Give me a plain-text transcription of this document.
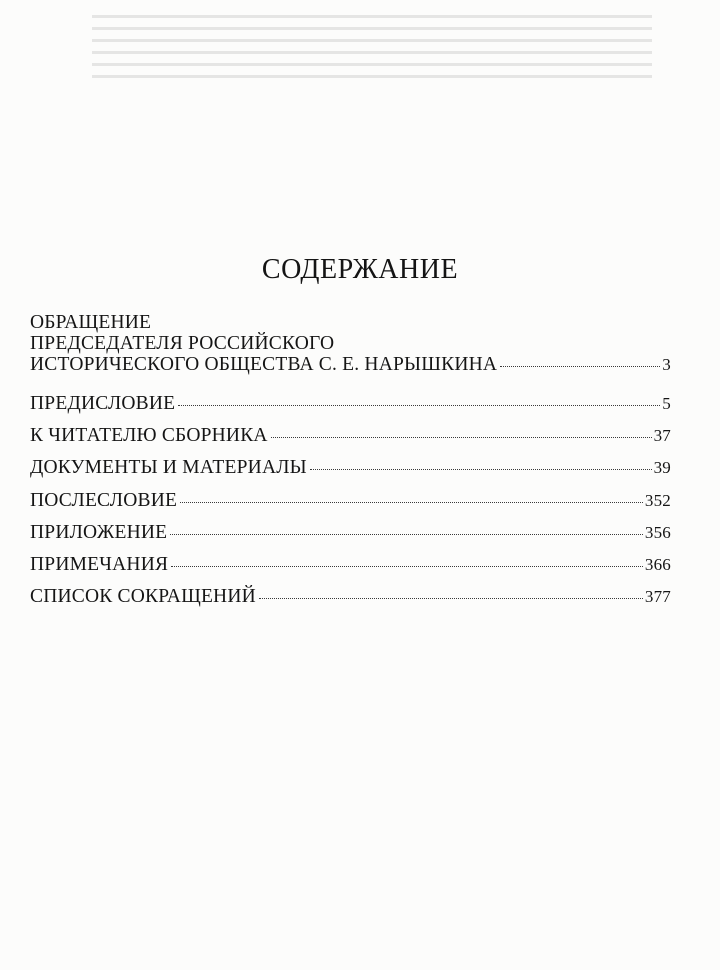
СОДЕРЖАНИЕ
ОБРАЩЕНИЕ
ПРЕДСЕДАТЕЛЯ РОССИЙСКОГО
ИСТОРИЧЕСКОГО ОБЩЕСТВА С. Е. НАРЫШКИНА	3
ПРЕДИСЛОВИЕ	5
К ЧИТАТЕЛЮ СБОРНИКА	37
ДОКУМЕНТЫ И МАТЕРИАЛЫ	39
ПОСЛЕСЛОВИЕ	352
ПРИЛОЖЕНИЕ	356
ПРИМЕЧАНИЯ	366
СПИСОК СОКРАЩЕНИЙ	377
